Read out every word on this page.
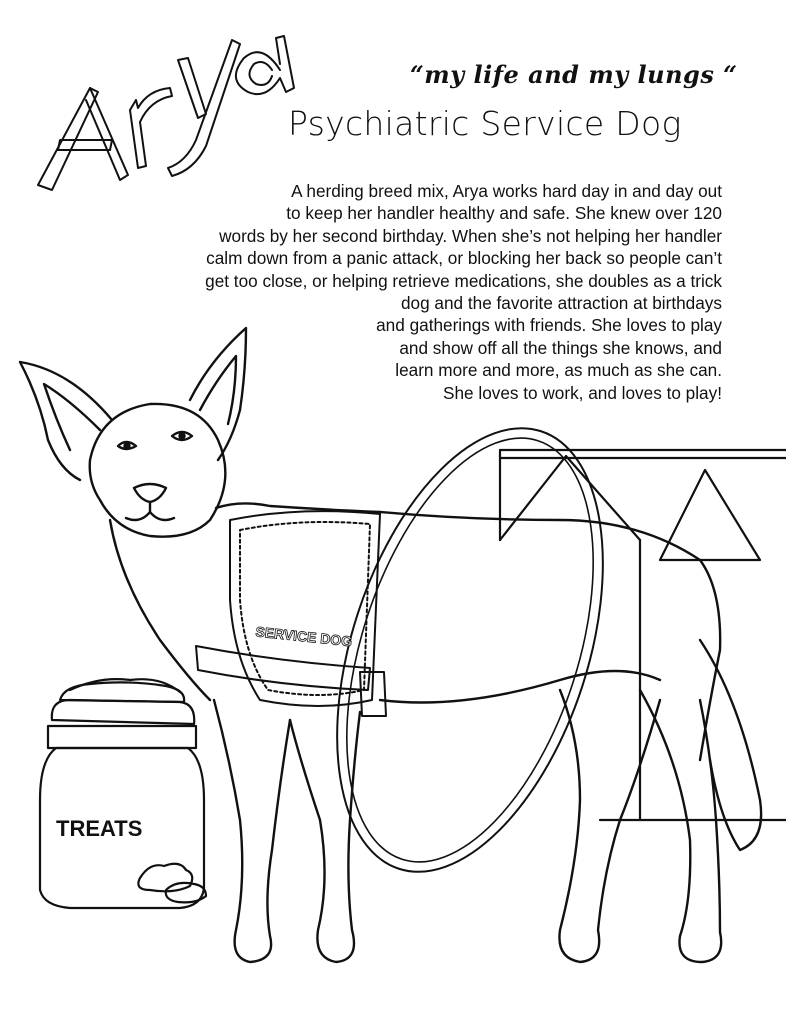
SERVICE DOG
TREATS
“my life and my lungs “
Psychiatric Service Dog
A herding breed mix, Arya works hard day in and day out
to keep her handler healthy and safe. She knew over 120
words by her second birthday. When she’s not helping her handler
calm down from a panic attack, or blocking her back so people can’t
get too close, or helping retrieve medications, she doubles as a trick
dog and the favorite attraction at birthdays
and gatherings with friends. She loves to play
and show off all the things she knows, and
learn more and more, as much as she can.
She loves to work, and loves to play!
